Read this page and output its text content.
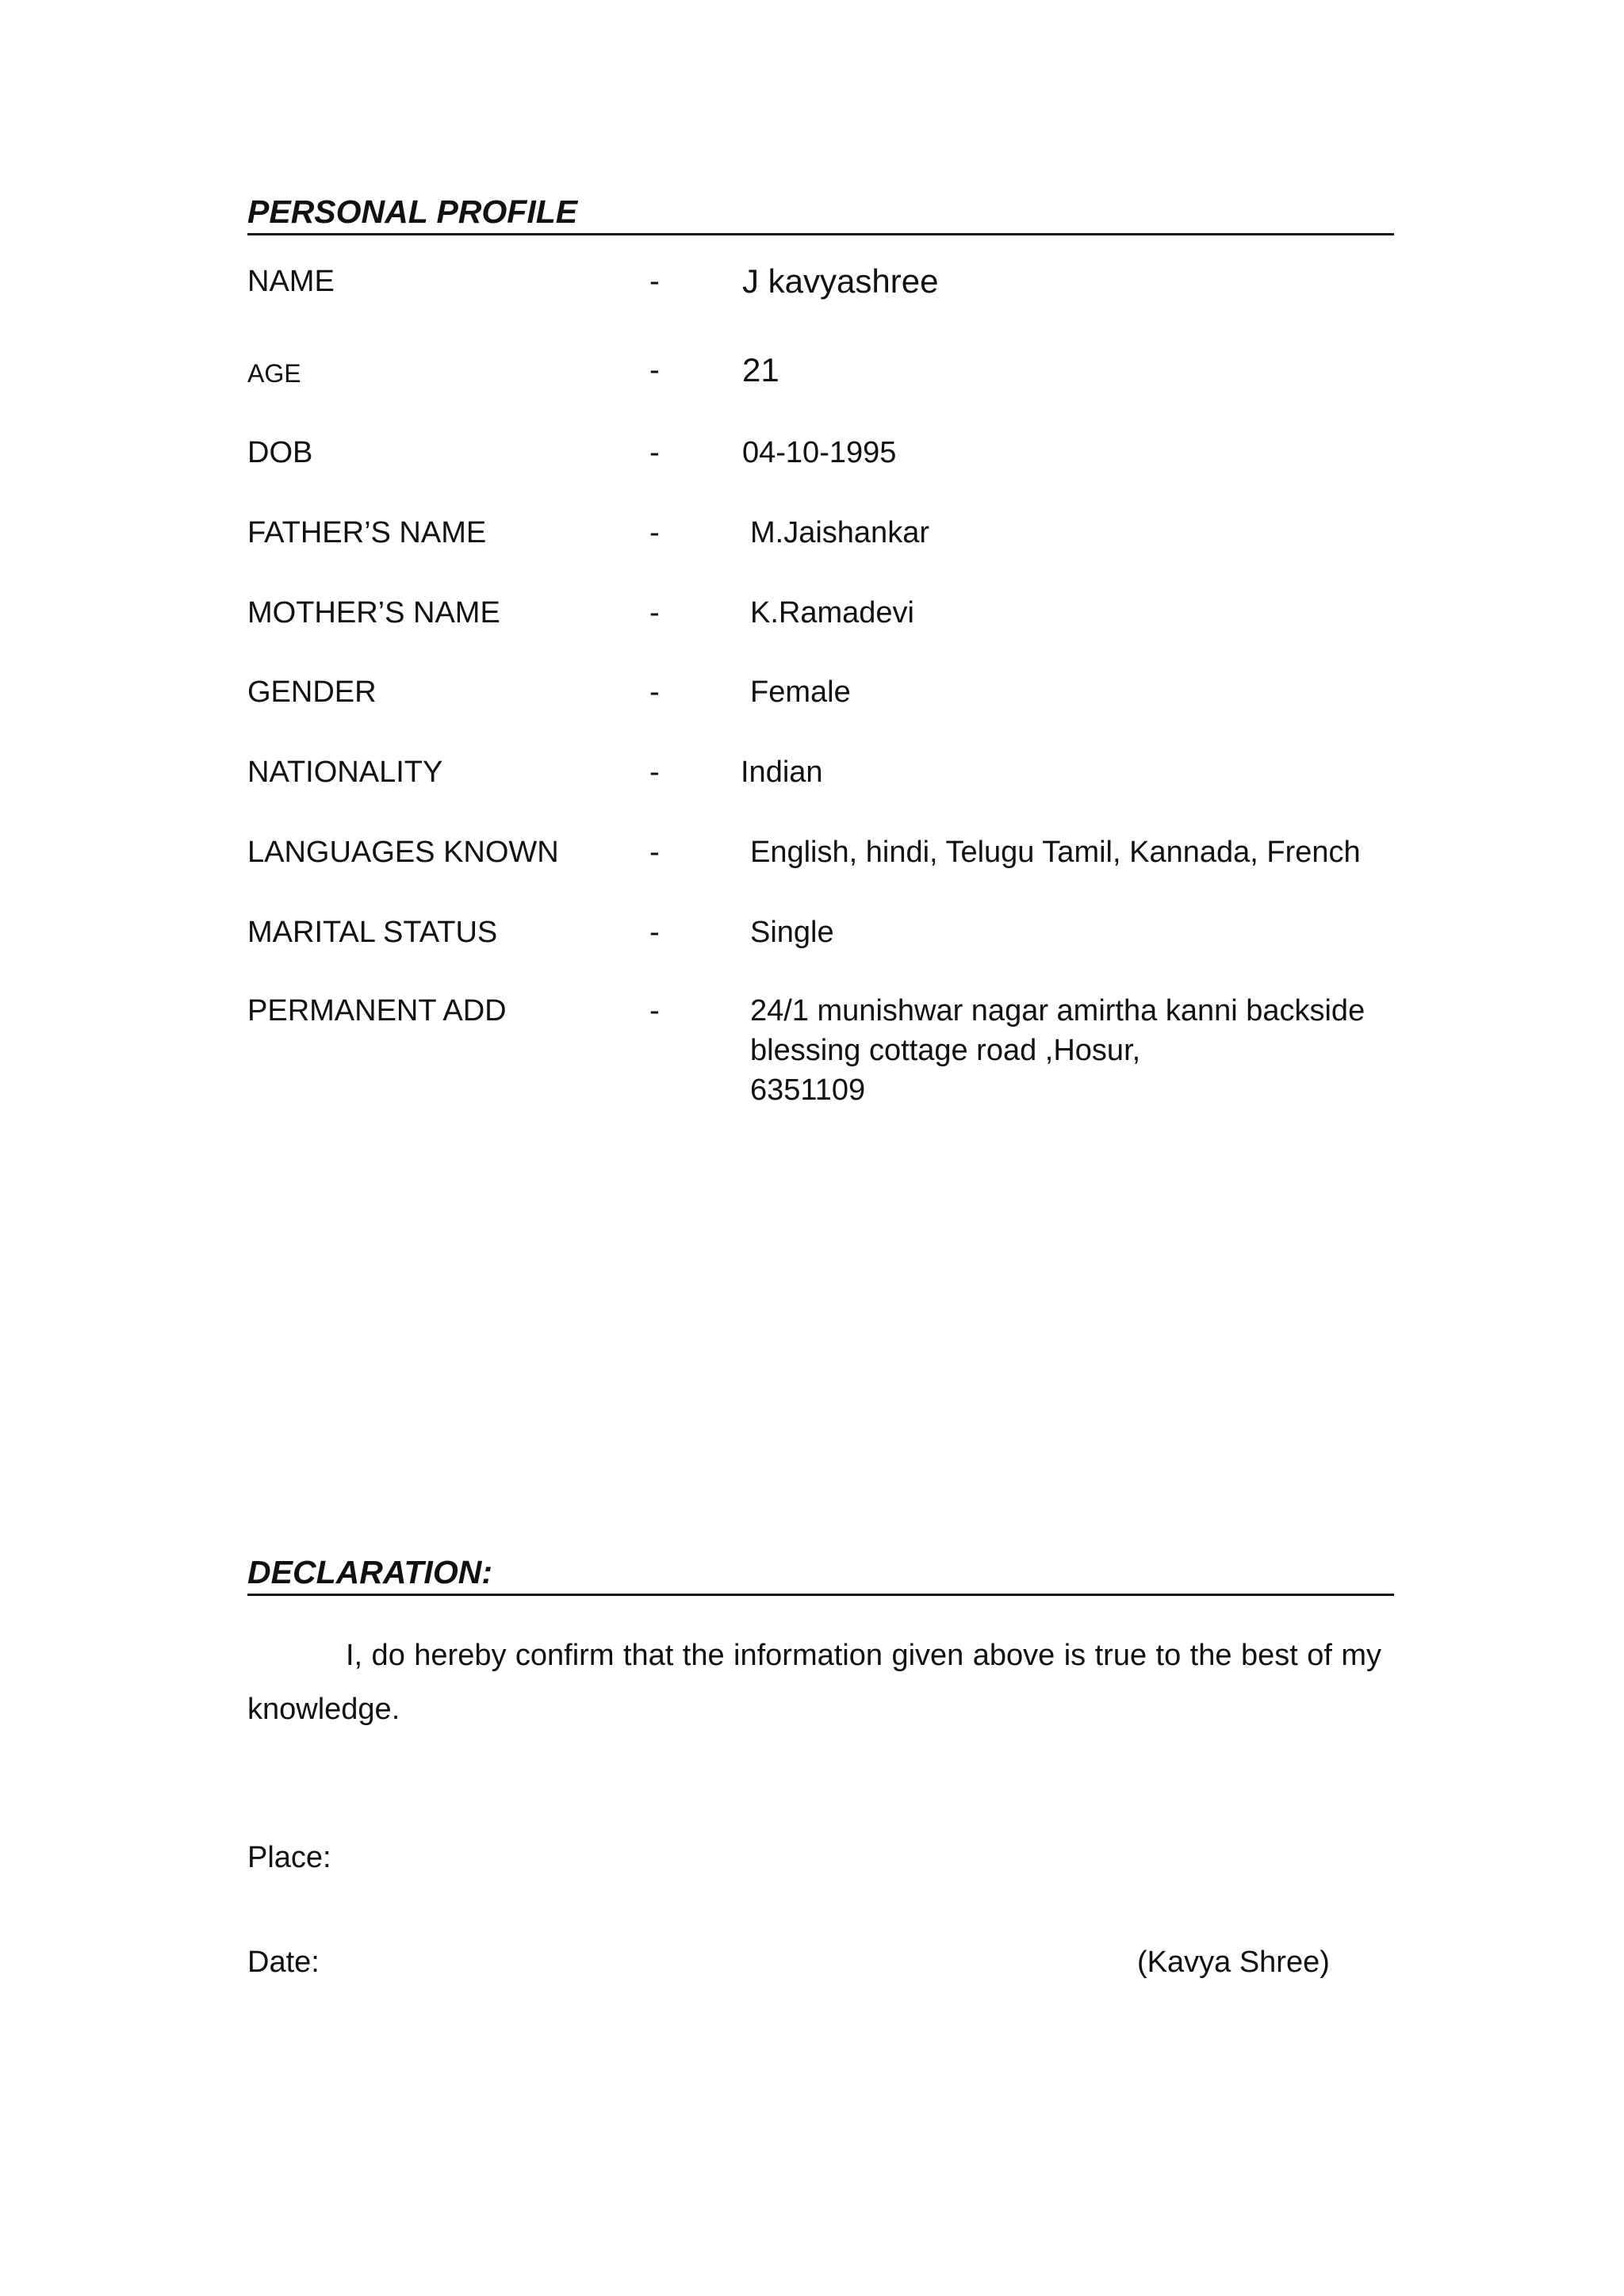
PERSONAL PROFILE
NAME	- J kavyashree
AGE	- 21
DOB	-	04-10-1995
FATHER’S NAME	-	M.Jaishankar
MOTHER’S NAME	-	K.Ramadevi
GENDER	-	Female
NATIONALITY	-	Indian
LANGUAGES KNOWN	-	English, hindi, Telugu Tamil, Kannada, French
MARITAL STATUS	-	Single
PERMANENT ADD	-	24/1 munishwar nagar amirtha kanni backside
blessing cottage road ,Hosur,
6351109
DECLARATION:
I, do hereby confirm that the information given above is true to the best of my knowledge.
Place:
Date:	(Kavya Shree)
